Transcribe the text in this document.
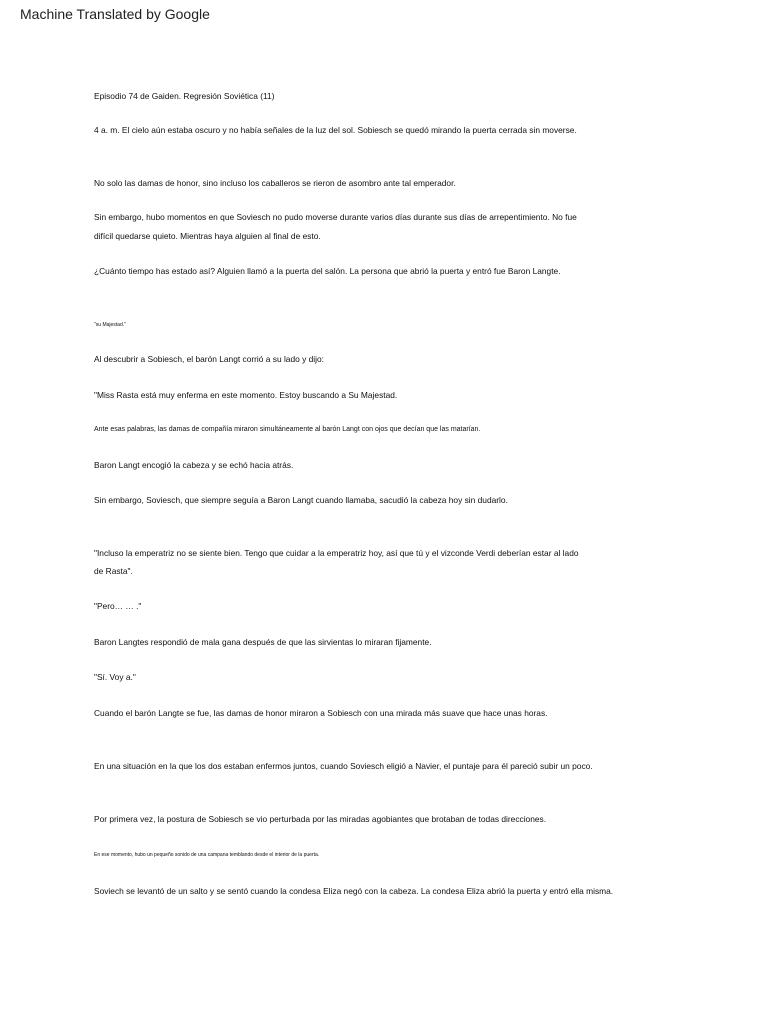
Machine Translated by Google
Episodio 74 de Gaiden. Regresión Soviética (11)
4 a. m. El cielo aún estaba oscuro y no había señales de la luz del sol. Sobiesch se quedó mirando la puerta cerrada sin moverse.
No solo las damas de honor, sino incluso los caballeros se rieron de asombro ante tal emperador.
Sin embargo, hubo momentos en que Soviesch no pudo moverse durante varios días durante sus días de arrepentimiento. No fue
difícil quedarse quieto. Mientras haya alguien al final de esto.
¿Cuánto tiempo has estado así? Alguien llamó a la puerta del salón. La persona que abrió la puerta y entró fue Baron Langte.
"su Majestad."
Al descubrir a Sobiesch, el barón Langt corrió a su lado y dijo:
"Miss Rasta está muy enferma en este momento. Estoy buscando a Su Majestad.
Ante esas palabras, las damas de compañía miraron simultáneamente al barón Langt con ojos que decían que las matarían.
Baron Langt encogió la cabeza y se echó hacia atrás.
Sin embargo, Soviesch, que siempre seguía a Baron Langt cuando llamaba, sacudió la cabeza hoy sin dudarlo.
"Incluso la emperatriz no se siente bien. Tengo que cuidar a la emperatriz hoy, así que tú y el vizconde Verdi deberían estar al lado
de Rasta".
"Pero… … ."
Baron Langtes respondió de mala gana después de que las sirvientas lo miraran fijamente.
"Sí. Voy a."
Cuando el barón Langte se fue, las damas de honor miraron a Sobiesch con una mirada más suave que hace unas horas.
En una situación en la que los dos estaban enfermos juntos, cuando Soviesch eligió a Navier, el puntaje para él pareció subir un poco.
Por primera vez, la postura de Sobiesch se vio perturbada por las miradas agobiantes que brotaban de todas direcciones.
En ese momento, hubo un pequeño sonido de una campana temblando desde el interior de la puerta.
Soviech se levantó de un salto y se sentó cuando la condesa Eliza negó con la cabeza. La condesa Eliza abrió la puerta y entró ella misma.
